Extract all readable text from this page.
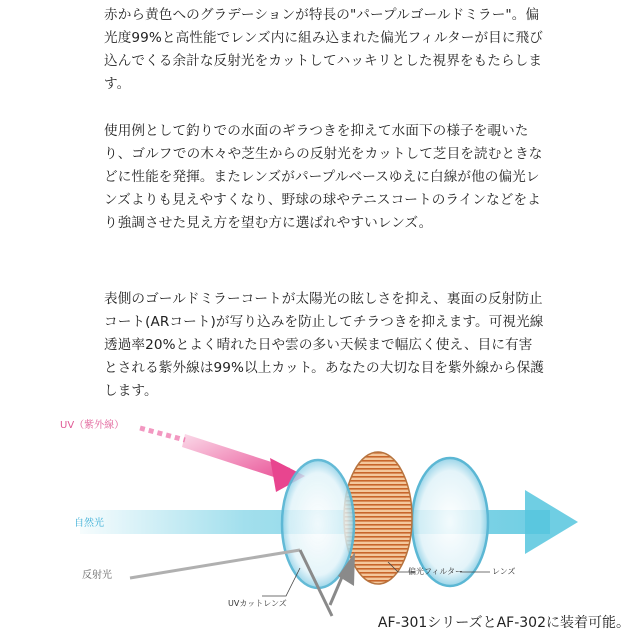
赤から黄色へのグラデーションが特長の"パープルゴールドミラー"。偏光度99%と高性能でレンズ内に組み込まれた偏光フィルターが目に飛び込んでくる余計な反射光をカットしてハッキリとした視界をもたらします。
使用例として釣りでの水面のギラつきを抑えて水面下の様子を覗いたり、ゴルフでの木々や芝生からの反射光をカットして芝目を読むときなどに性能を発揮。またレンズがパープルベースゆえに白線が他の偏光レンズよりも見えやすくなり、野球の球やテニスコートのラインなどをより強調させた見え方を望む方に選ばれやすいレンズ。
表側のゴールドミラーコートが太陽光の眩しさを抑え、裏面の反射防止コート(ARコート)が写り込みを防止してチラつきを抑えます。可視光線透過率20%とよく晴れた日や雲の多い天候まで幅広く使え、目に有害とされる紫外線は99%以上カット。あなたの大切な目を紫外線から保護します。
UV（紫外線）
自然光
反射光
UVカットレンズ
偏光フィルター	レンズ
AF-301シリーズとAF-302に装着可能。
